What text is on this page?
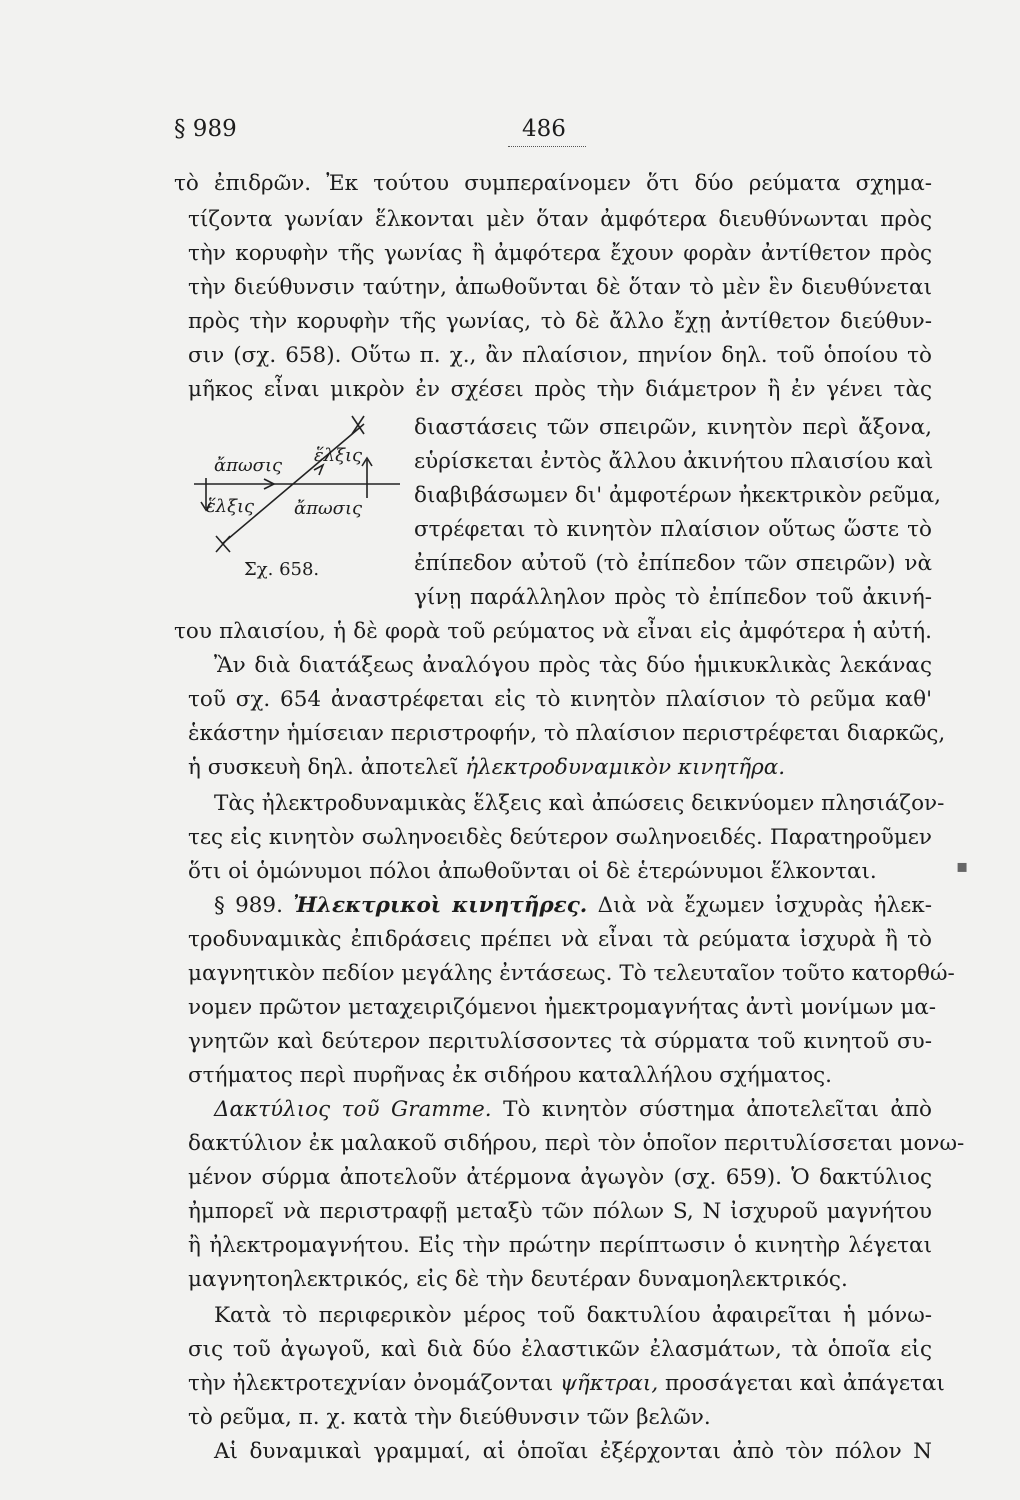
§ 989	486
τὸ ἐπιδρῶν. Ἐκ τούτου συμπεραίνομεν ὅτι δύο ρεύματα σχημα-
τίζοντα γωνίαν ἕλκονται μὲν ὅταν ἀμφότερα διευθύνωνται πρὸς
τὴν κορυφὴν τῆς γωνίας ἢ ἀμφότερα ἔχουν φορὰν ἀντίθετον πρὸς
τὴν διεύθυνσιν ταύτην, ἀπωθοῦνται δὲ ὅταν τὸ μὲν ἓν διευθύνεται
πρὸς τὴν κορυφὴν τῆς γωνίας, τὸ δὲ ἄλλο ἔχῃ ἀντίθετον διεύθυν-
σιν (σχ. 658). Οὕτω π. χ., ἂν πλαίσιον, πηνίον δηλ. τοῦ ὁποίου τὸ
μῆκος εἶναι μικρὸν ἐν σχέσει πρὸς τὴν διάμετρον ἢ ἐν γένει τὰς
ἄπωσις ἕλξις
ἕλξις ἄπωσις
Σχ. 658.
διαστάσεις τῶν σπειρῶν, κινητὸν περὶ ἄξονα,
εὑρίσκεται ἐντὸς ἄλλου ἀκινήτου πλαισίου καὶ
διαβιβάσωμεν δι' ἀμφοτέρων ἠκεκτρικὸν ρεῦμα,
στρέφεται τὸ κινητὸν πλαίσιον οὕτως ὥστε τὸ
ἐπίπεδον αὐτοῦ (τὸ ἐπίπεδον τῶν σπειρῶν) νὰ
γίνῃ παράλληλον πρὸς τὸ ἐπίπεδον τοῦ ἀκινή-
του πλαισίου, ἡ δὲ φορὰ τοῦ ρεύματος νὰ εἶναι εἰς ἀμφότερα ἡ αὐτή.
Ἂν διὰ διατάξεως ἀναλόγου πρὸς τὰς δύο ἡμικυκλικὰς λεκάνας
τοῦ σχ. 654 ἀναστρέφεται εἰς τὸ κινητὸν πλαίσιον τὸ ρεῦμα καθ'
ἑκάστην ἡμίσειαν περιστροφήν, τὸ πλαίσιον περιστρέφεται διαρκῶς,
ἡ συσκευὴ δηλ. ἀποτελεῖ ἠλεκτροδυναμικὸν κινητῆρα.
Τὰς ἠλεκτροδυναμικὰς ἕλξεις καὶ ἀπώσεις δεικνύομεν πλησιάζον-
τες εἰς κινητὸν σωληνοειδὲς δεύτερον σωληνοειδές. Παρατηροῦμεν
ὅτι οἱ ὁμώνυμοι πόλοι ἀπωθοῦνται οἱ δὲ ἑτερώνυμοι ἕλκονται.	▪
§ 989. Ἠλεκτρικοὶ κινητῆρες. Διὰ νὰ ἔχωμεν ἰσχυρὰς ἠλεκ-
τροδυναμικὰς ἐπιδράσεις πρέπει νὰ εἶναι τὰ ρεύματα ἰσχυρὰ ἢ τὸ
μαγνητικὸν πεδίον μεγάλης ἐντάσεως. Τὸ τελευταῖον τοῦτο κατορθώ-
νομεν πρῶτον μεταχειριζόμενοι ἠμεκτρομαγνήτας ἀντὶ μονίμων μα-
γνητῶν καὶ δεύτερον περιτυλίσσοντες τὰ σύρματα τοῦ κινητοῦ συ-
στήματος περὶ πυρῆνας ἐκ σιδήρου καταλλήλου σχήματος.
Δακτύλιος τοῦ Gramme. Τὸ κινητὸν σύστημα ἀποτελεῖται ἀπὸ
δακτύλιον ἐκ μαλακοῦ σιδήρου, περὶ τὸν ὁποῖον περιτυλίσσεται μονω-
μένον σύρμα ἀποτελοῦν ἀτέρμονα ἀγωγὸν (σχ. 659). Ὁ δακτύλιος
ἠμπορεῖ νὰ περιστραφῇ μεταξὺ τῶν πόλων S, N ἰσχυροῦ μαγνήτου
ἢ ἠλεκτρομαγνήτου. Εἰς τὴν πρώτην περίπτωσιν ὁ κινητὴρ λέγεται
μαγνητοηλεκτρικός, εἰς δὲ τὴν δευτέραν δυναμοηλεκτρικός.
Κατὰ τὸ περιφερικὸν μέρος τοῦ δακτυλίου ἀφαιρεῖται ἡ μόνω-
σις τοῦ ἀγωγοῦ, καὶ διὰ δύο ἐλαστικῶν ἐλασμάτων, τὰ ὁποῖα εἰς
τὴν ἠλεκτροτεχνίαν ὀνομάζονται ψῆκτραι, προσάγεται καὶ ἀπάγεται
τὸ ρεῦμα, π. χ. κατὰ τὴν διεύθυνσιν τῶν βελῶν.
Αἱ δυναμικαὶ γραμμαί, αἱ ὁποῖαι ἐξέρχονται ἀπὸ τὸν πόλον N
